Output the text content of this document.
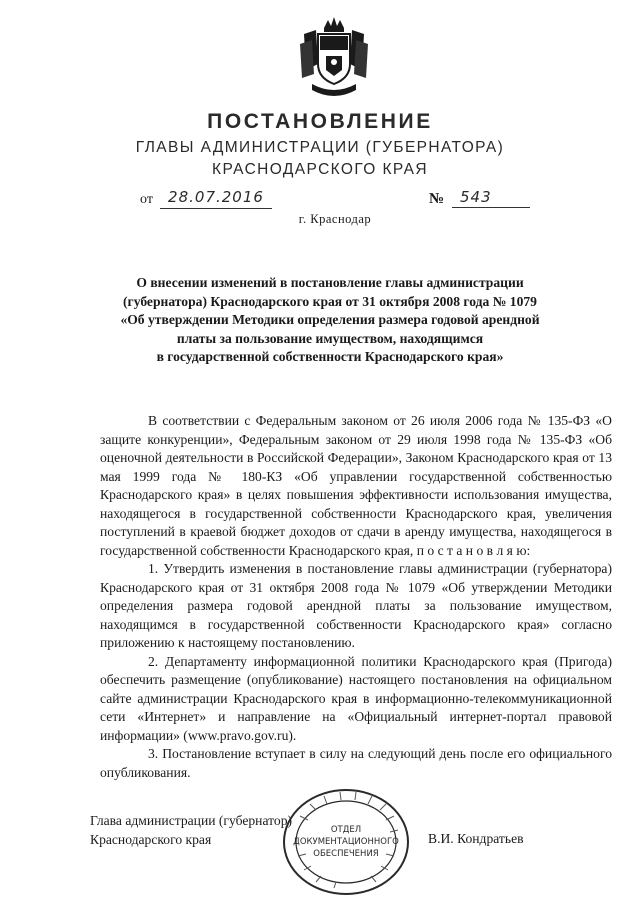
ПОСТАНОВЛЕНИЕ
ГЛАВЫ АДМИНИСТРАЦИИ (ГУБЕРНАТОРА)
КРАСНОДАРСКОГО КРАЯ
от	28.07.2016	№	543
г. Краснодар
О внесении изменений в постановление главы администрации
(губернатора) Краснодарского края от 31 октября 2008 года № 1079
«Об утверждении Методики определения размера годовой арендной
платы за пользование имуществом, находящимся
в государственной собственности Краснодарского края»

В соответствии с Федеральным законом от 26 июля 2006 года № 135-ФЗ «О защите конкуренции», Федеральным законом от 29 июля 1998 года № 135-ФЗ «Об оценочной деятельности в Российской Федерации», Законом Краснодарского края от 13 мая 1999 года № 180-КЗ «Об управлении государственной собственностью Краснодарского края» в целях повышения эффективности использования имущества, находящегося в государственной собственности Краснодарского края, увеличения поступлений в краевой бюджет доходов от сдачи в аренду имущества, находящегося в государственной собственности Краснодарского края, п о с т а н о в л я ю:

1. Утвердить изменения в постановление главы администрации (губернатора) Краснодарского края от 31 октября 2008 года № 1079 «Об утверждении Методики определения размера годовой арендной платы за пользование имуществом, находящимся в государственной собственности Краснодарского края» согласно приложению к настоящему постановлению.

2. Департаменту информационной политики Краснодарского края (Пригода) обеспечить размещение (опубликование) настоящего постановления на официальном сайте администрации Краснодарского края в информационно-телекоммуникационной сети «Интернет» и направление на «Официальный интернет-портал правовой информации» (www.pravo.gov.ru).

3. Постановление вступает в силу на следующий день после его официального опубликования.

Глава администрации (губернатор)
Краснодарского края	В.И. Кондратьев
ОТДЕЛ
ДОКУМЕНТАЦИОННОГО
ОБЕСПЕЧЕНИЯ
